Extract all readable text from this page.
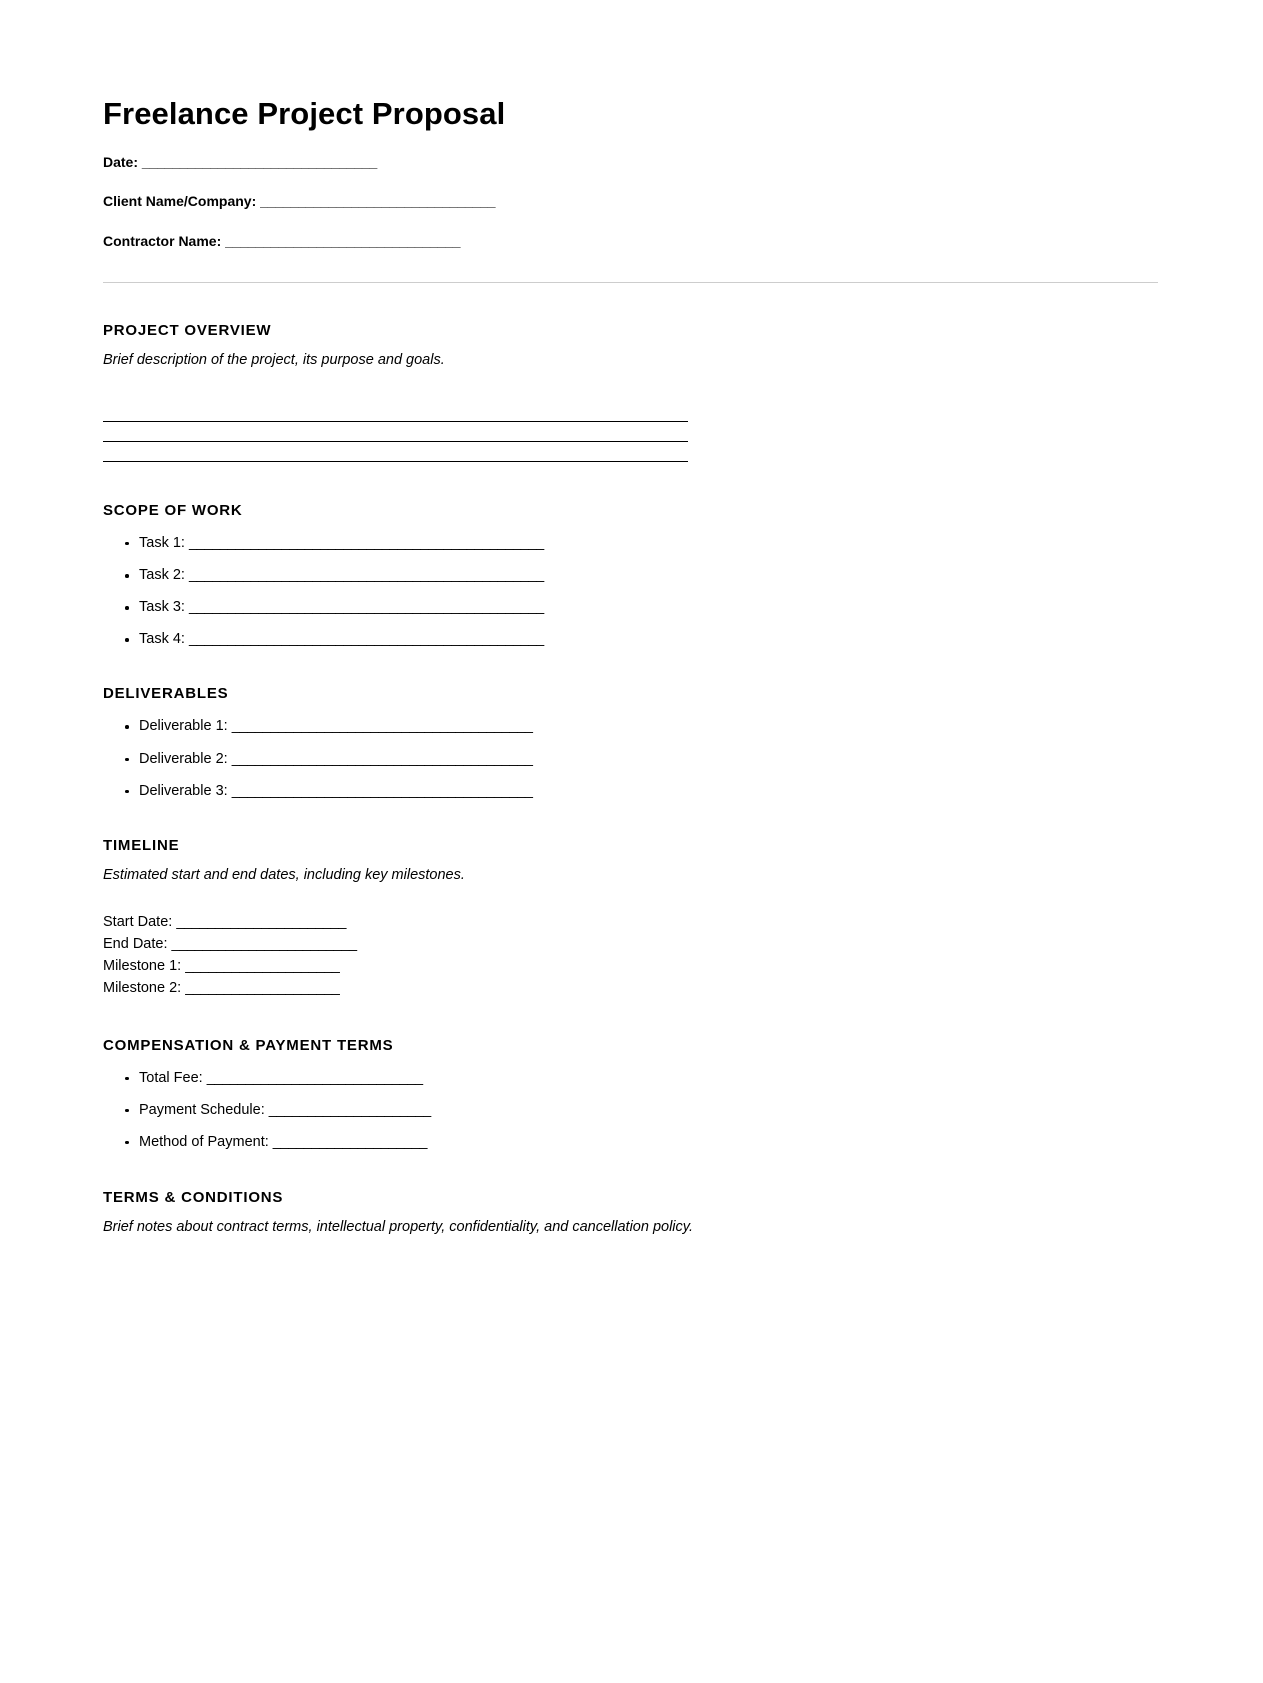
Freelance Project Proposal
Date: _______________________________
Client Name/Company: _______________________________
Contractor Name: _______________________________
PROJECT OVERVIEW
Brief description of the project, its purpose and goals.
SCOPE OF WORK
Task 1: ______________________________________________
Task 2: ______________________________________________
Task 3: ______________________________________________
Task 4: ______________________________________________
DELIVERABLES
Deliverable 1: _______________________________________
Deliverable 2: _______________________________________
Deliverable 3: _______________________________________
TIMELINE
Estimated start and end dates, including key milestones.
Start Date: ______________________
End Date: ________________________
Milestone 1: ____________________
Milestone 2: ____________________
COMPENSATION & PAYMENT TERMS
Total Fee: ____________________________
Payment Schedule: _____________________
Method of Payment: ____________________
TERMS & CONDITIONS
Brief notes about contract terms, intellectual property, confidentiality, and cancellation policy.
